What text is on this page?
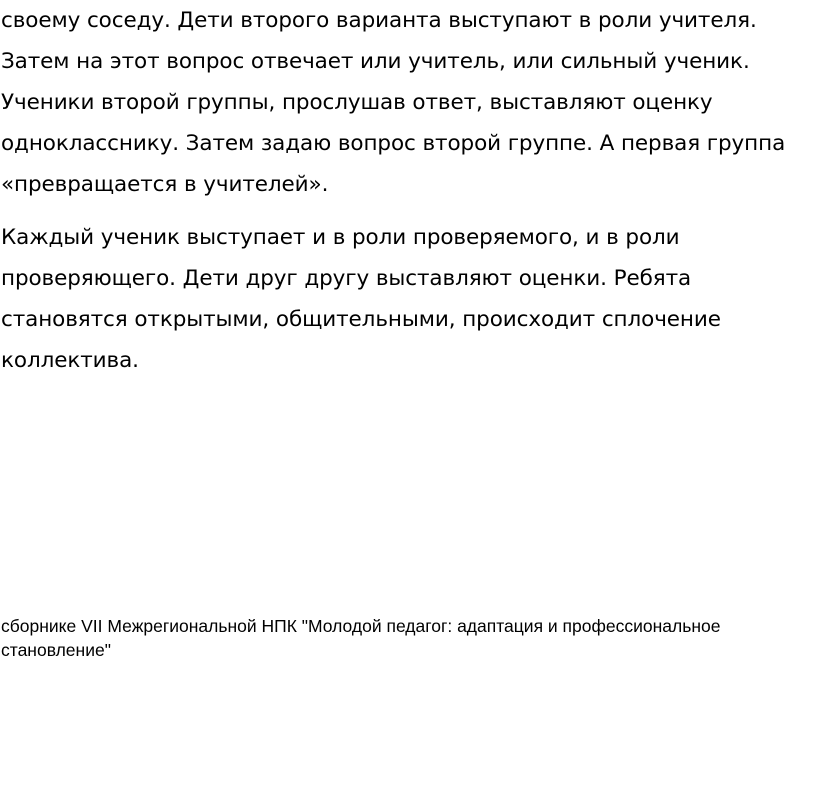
своему соседу. Дети второго варианта выступают в роли учителя.
Затем на этот вопрос отвечает или учитель, или сильный ученик.
Ученики второй группы, прослушав ответ, выставляют оценку
однокласснику. Затем задаю вопрос второй группе. А первая группа
«превращается в учителей».
Каждый ученик выступает и в роли проверяемого, и в роли
проверяющего. Дети друг другу выставляют оценки. Ребята
становятся открытыми, общительными, происходит сплочение
коллектива.
сборнике VII Межрегиональной НПК "Молодой педагог: адаптация и профессиональное
становление"
